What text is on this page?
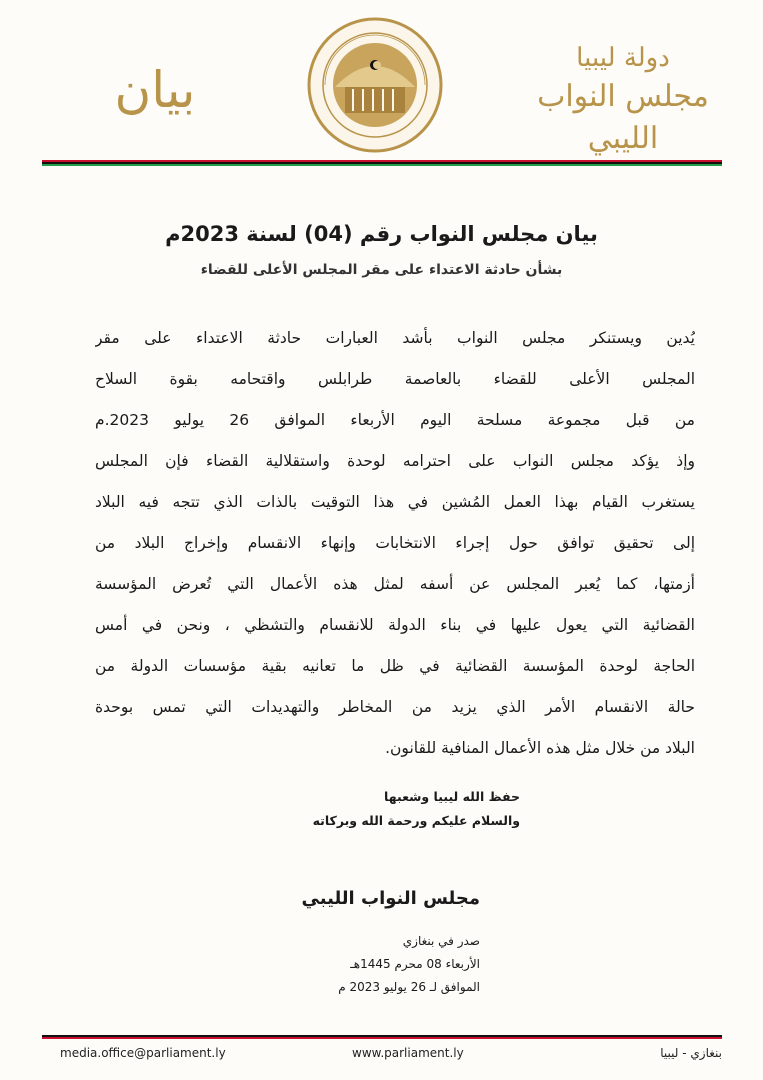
دولة ليبيا
مجلس النواب الليبي
بيان
بيان مجلس النواب رقم (04) لسنة 2023م
بشأن حادثة الاعتداء على مقر المجلس الأعلى للقضاء
يُدين ويستنكر مجلس النواب بأشد العبارات حادثة الاعتداء على مقر
المجلس الأعلى للقضاء بالعاصمة طرابلس واقتحامه بقوة السلاح
من قبل مجموعة مسلحة اليوم الأربعاء الموافق 26 يوليو 2023.م
وإذ يؤكد مجلس النواب على احترامه لوحدة واستقلالية القضاء فإن المجلس
يستغرب القيام بهذا العمل المُشين في هذا التوقيت بالذات الذي تتجه فيه البلاد
إلى تحقيق توافق حول إجراء الانتخابات وإنهاء الانقسام وإخراج البلاد من
أزمتها، كما يُعبر المجلس عن أسفه لمثل هذه الأعمال التي تُعرض المؤسسة
القضائية التي يعول عليها في بناء الدولة للانقسام والتشظي ، ونحن في أمس
الحاجة لوحدة المؤسسة القضائية في ظل ما تعانيه بقية مؤسسات الدولة من
حالة الانقسام الأمر الذي يزيد من المخاطر والتهديدات التي تمس بوحدة
البلاد من خلال مثل هذه الأعمال المنافية للقانون.
حفظ الله ليبيا وشعبها
والسلام عليكم ورحمة الله وبركاته
مجلس النواب الليبي
صدر في بنغازي
الأربعاء 08 محرم 1445هـ
الموافق لـ 26 يوليو 2023 م
media.office@parliament.ly	www.parliament.ly	بنغازي - ليبيا
